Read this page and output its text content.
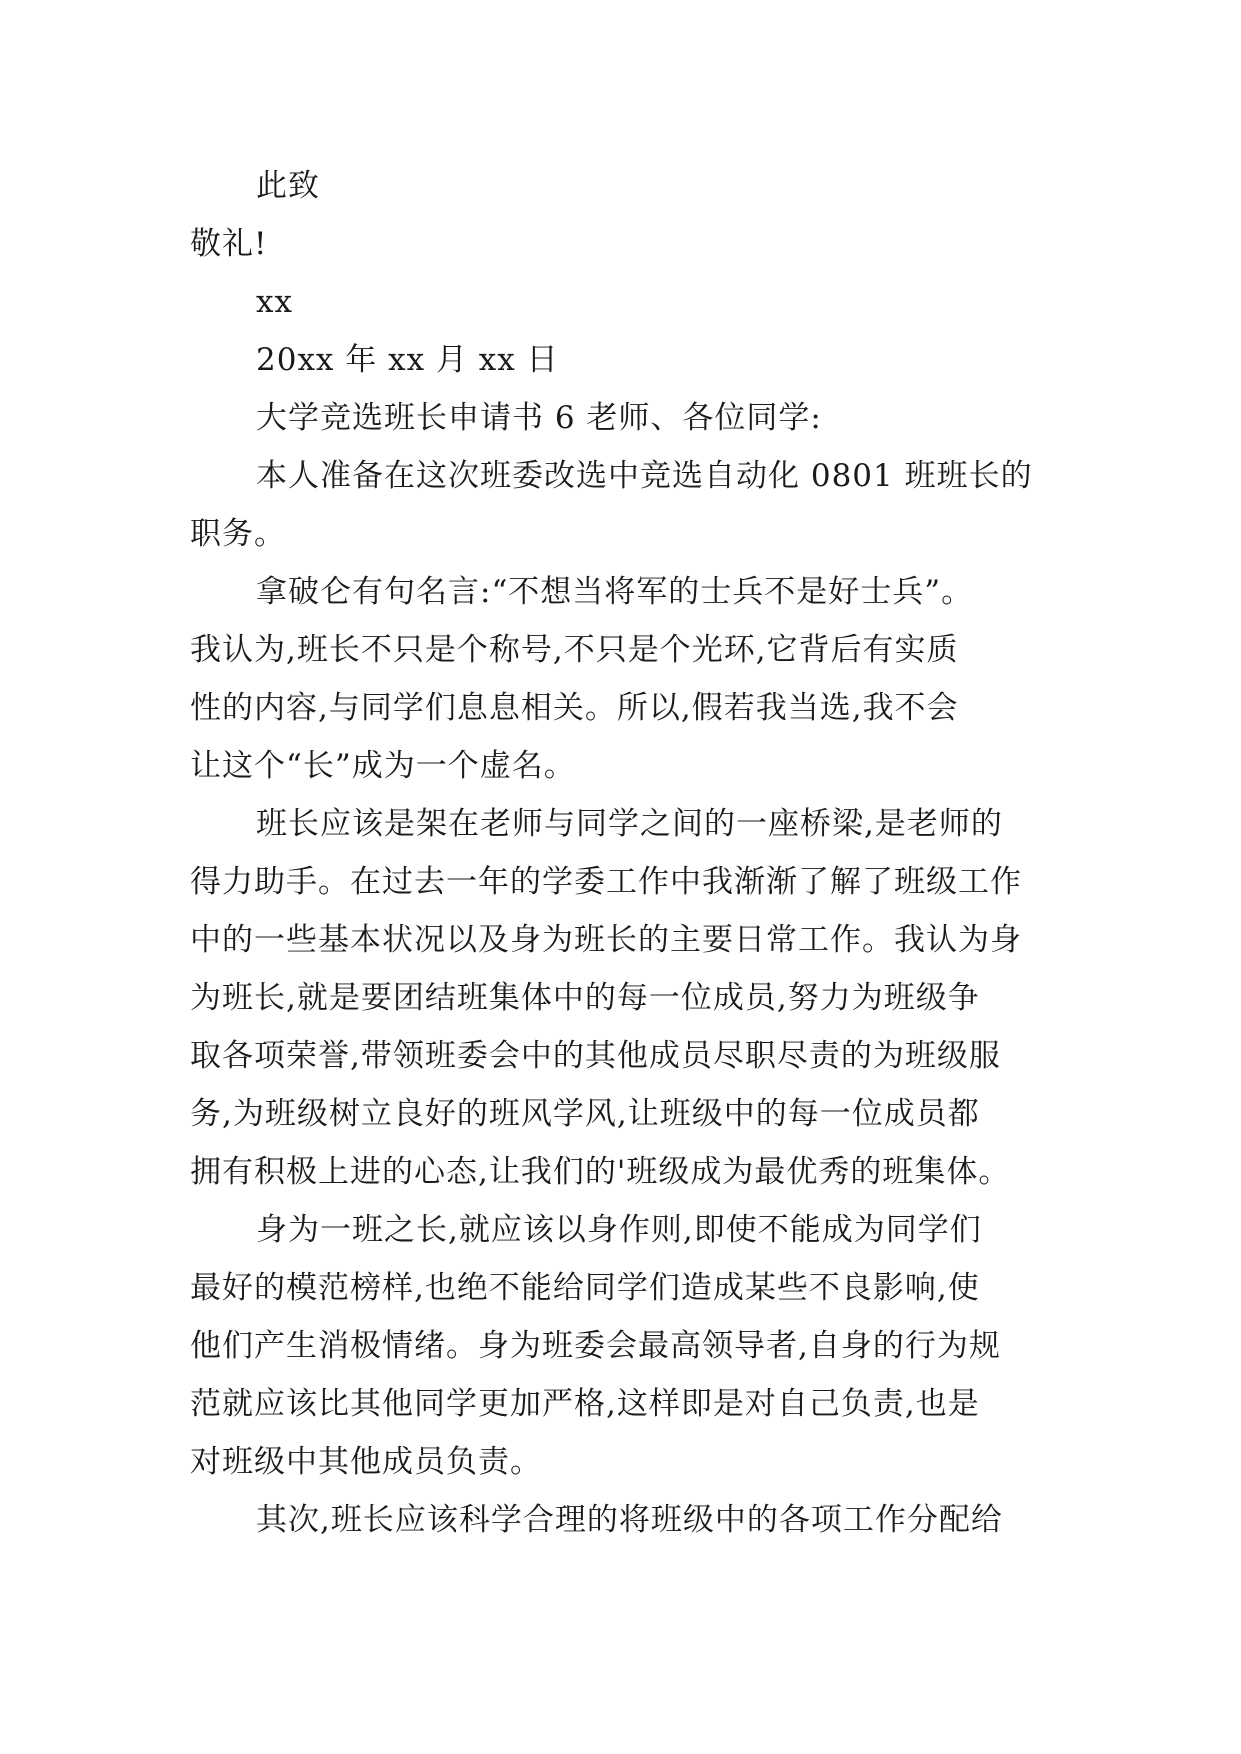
此致
敬礼!
xx
20xx 年 xx 月 xx 日
大学竞选班长申请书 6 老师、各位同学:
本人准备在这次班委改选中竞选自动化 0801 班班长的
职务。
拿破仑有句名言:“不想当将军的士兵不是好士兵”。
我认为,班长不只是个称号,不只是个光环,它背后有实质
性的内容,与同学们息息相关。所以,假若我当选,我不会
让这个“长”成为一个虚名。
班长应该是架在老师与同学之间的一座桥梁,是老师的
得力助手。在过去一年的学委工作中我渐渐了解了班级工作
中的一些基本状况以及身为班长的主要日常工作。我认为身
为班长,就是要团结班集体中的每一位成员,努力为班级争
取各项荣誉,带领班委会中的其他成员尽职尽责的为班级服
务,为班级树立良好的班风学风,让班级中的每一位成员都
拥有积极上进的心态,让我们的'班级成为最优秀的班集体。
身为一班之长,就应该以身作则,即使不能成为同学们
最好的模范榜样,也绝不能给同学们造成某些不良影响,使
他们产生消极情绪。身为班委会最高领导者,自身的行为规
范就应该比其他同学更加严格,这样即是对自己负责,也是
对班级中其他成员负责。
其次,班长应该科学合理的将班级中的各项工作分配给
